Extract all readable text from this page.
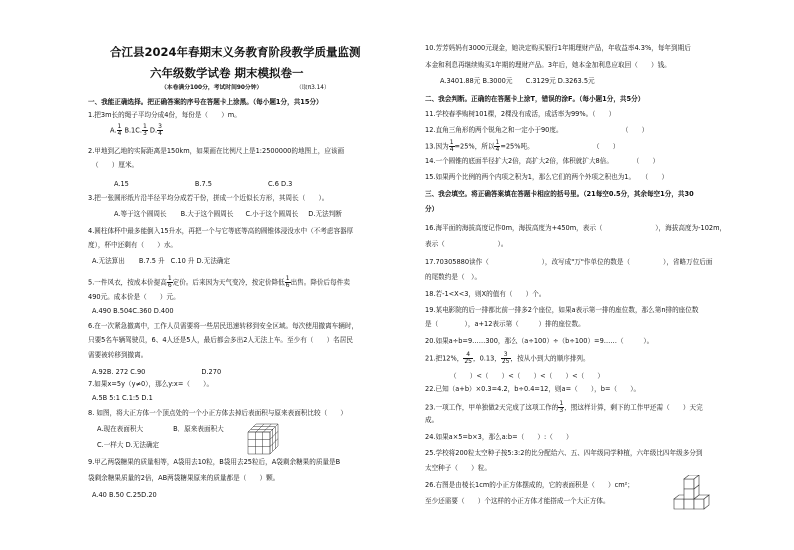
合江县2024年春期末义务教育阶段教学质量监测
六年级数学试卷 期末模拟卷一
（本卷满分100分，考试时间90分钟）	（取π3.14）
一、我能正确选择。把正确答案的序号在答题卡上涂黑。（每小题1分，共15分）
1.把3m长的绳子平均分成4份，每份是（　　）m。
A. $\frac{1}{4} B.1C$. $\frac{1}{3} D$. $\frac{3}{4}$
2.甲地到乙地的实际距离是150km，如果画在比例尺上是1:2500000的地图上，应该画
（　　）厘米。
A.15	B.7.5	C.6 D.3
3.把一张圆形纸片沿半径平均分成若干份，拼成一个近似长方形，其周长（　　）。
A.等于这个圆周长 B.大于这个圆周长 C.小于这个圆周长 D.无法判断
4.圆柱体杯中最多能倒入15升水，再把一个与它等底等高的圆锥体浸没水中（不考虑容器厚
度），杯中还剩有（　　）水。
A.无法算出 B.7.5 升 C.10 升 D.无法确定
5.一件风衣，按成本价提高 $\frac{1}{6}$ 定价。后来因为天气变冷，按定价降低 $\frac{1}{6}$ 出售。降价后每件卖
490元。成本价是（　　）元。
A.490 B.504C.360 D.400
6.在一次紧急撤离中，工作人员需要将一些居民迅速转移到安全区域。每次使用撤离车辆时，
只要5名车辆驾驶员，6、4人还是5人，最后都会多出2人无法上车。至少有（　　）名居民
需要被转移到撤离。
A.92B. 272 C.90	D.270
7.如果x=5y（y≠0），那么y:x=（　　）。
A.5B 5:1 C.1:5 D.1
8. 如图，将大正方体一个顶点处的一个小正方体去掉后表面积与原来表面积比较（　　）
A.现在表面积大	B．原来表面积大
C.一样大 D.无法确定
9.甲乙两袋糖果的质量相等，A袋用去10粒，B袋用去25粒后，A袋剩余糖果的质量是B
袋剩余糖果质量的2倍，AB两袋糖果原来的质量都是（　　）颗。
A.40 B.50 C.25D.20
10.芳芳妈妈有3000元现金，她决定购买银行1年期理财产品，年收益率4.3%，每年到期后
本金和利息再继续购买1年期的理财产品。3年后，她本金加利息应取回（　　）钱。
A.3401.88元 B.3000元　　C.3129元 D.3263.5元
二、我会判断。正确的在答题卡上涂T，错误的涂F。（每小题1分，共5分）
11.学校春季购树101棵，2棵没有成活，成活率为99%。（　　）
12.直角三角形的两个锐角之和一定小于90度。　　　　　　　　　　（　　）
13.因为 $\frac{1}{4} =25\%$，所以 $\frac{1}{4} =25\%$吨。　　　　　　　　　　（　　）
14.一个圆锥的底面半径扩大2倍，高扩大2倍，体积就扩大8倍。　　　　（　　）
15.如果两个比例的两个内项之积为1，那么它们的两个外项之积也为1。　　（　　）
三、我会填空。将正确答案填在答题卡相应的括号里。（21每空0.5分，其余每空1分，共30
分）
16.海平面的海拔高度记作0m，海拔高度为+450m，表示（　　　　　　　　），海拔高度为-102m，
表示（　　　　　　　　）。
17.70305880读作（　　　　　　　　），改写成"万"作单位的数是（　　　　　），省略万位后面
的尾数约是（　）。
18.若-1<X<3，则X的值有（　　）个。
19.某电影院的后一排都比前一排多2个座位，如果a表示第一排的座位数，那么第n排的座位数
是（　　　　），a+12表示第（　　　）排的座位数。
20.如果a÷b=9……300，那么（a÷100）÷（b÷100）=9……（　　　）。
21.把12%， $\frac{4}{25}$ ，0.13， $\frac{3}{25}$ ，按从小到大的顺序排列。
（　　）<（　　）<（　　）<（　　）<（　　）
22.已知（a+b）×0.3=4.2，b÷0.4=12，则a=（　　），b=（　　）。
23.一项工作，甲单独做2天完成了这项工作的 $\frac{1}{3}$ ，照这样计算，剩下的工作甲还需（　　）天完
成。
24.如果a×5=b×3，那么a:b=（　　）:（　　）
25.学校将200粒太空种子按5:3:2的比分配给六、五、四年级同学种植，六年级比四年级多分到
太空种子（　　）粒。
26.右图是由棱长1cm的小正方体摆成的，它的表面积是（　　）cm²；
至少还需要（　　）个这样的小正方体才能搭成一个大正方体。
